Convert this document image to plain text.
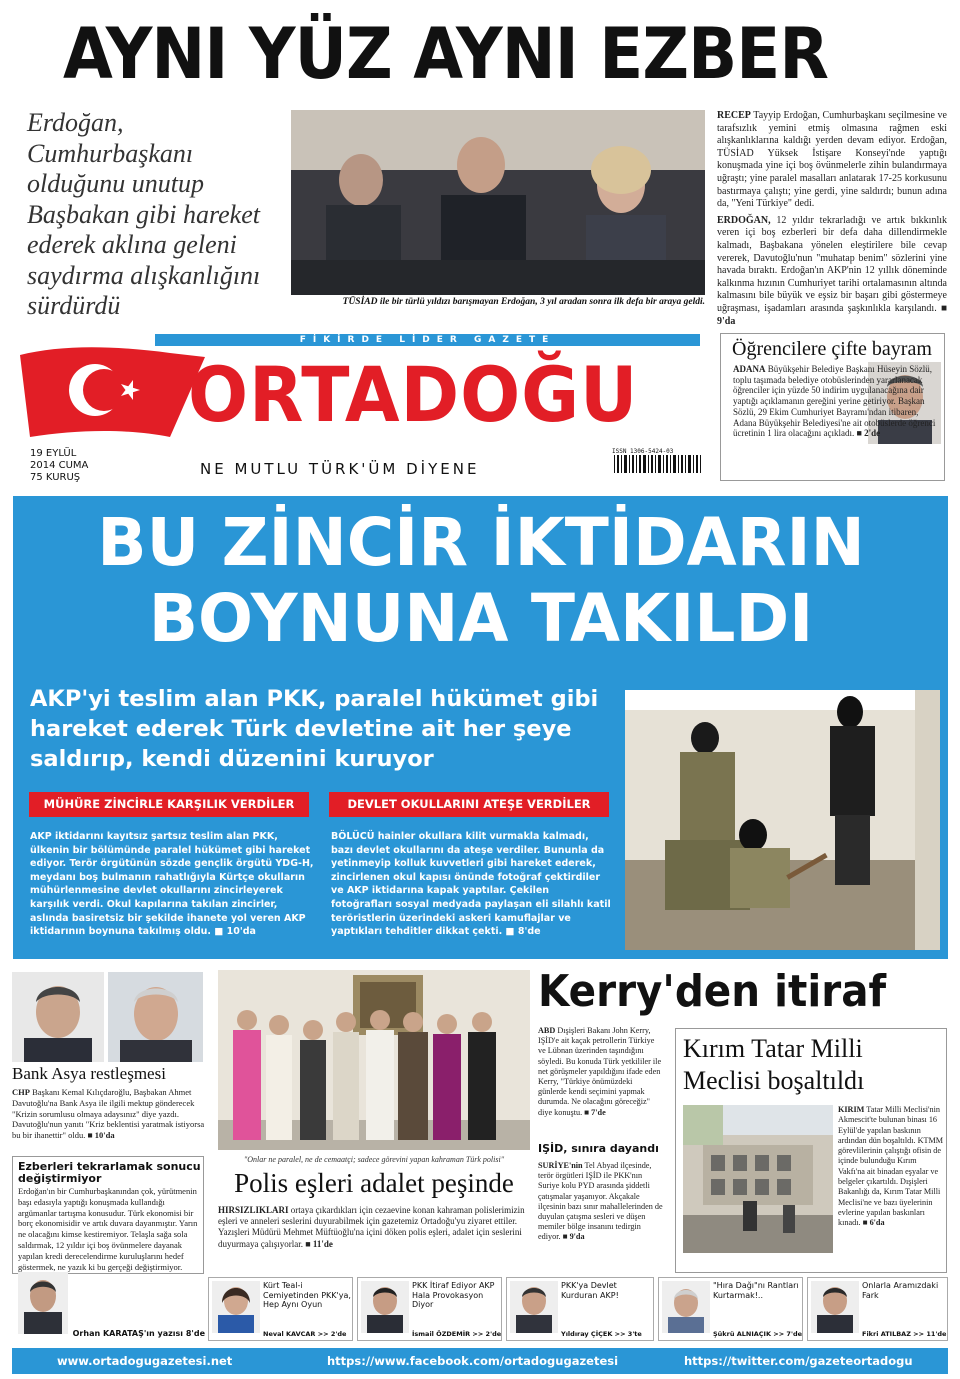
AYNI YÜZ AYNI EZBER
Erdoğan, Cumhurbaşkanı olduğunu unutup Başbakan gibi hareket ederek aklına geleni saydırma alışkanlığını sürdürdü	TÜSİAD ile bir türlü yıldızı barışmayan Erdoğan, 3 yıl aradan sonra ilk defa bir araya geldi.

RECEP Tayyip Erdoğan, Cumhurbaşkanı seçilmesine ve tarafsızlık yemini etmiş olmasına rağmen eski alışkanlıklarına kaldığı yerden devam ediyor. Erdoğan, TÜSİAD Yüksek İstişare Konseyi'nde yaptığı konuşmada yine içi boş övünmelerle zihin bulandırmaya uğraştı; yine paralel masalları anlatarak 17-25 korkusunu bastırmaya çalıştı; yine gerdi, yine saldırdı; bunun adına da, "Yeni Türkiye" dedi.

ERDOĞAN, 12 yıldır tekrarladığı ve artık bıkkınlık veren içi boş ezberleri bir defa daha dillendirmekle kalmadı, Başbakana yönelen eleştirilere bile cevap vererek, Davutoğlu'nun "muhatap benim" sözlerini yine havada bıraktı. Erdoğan'ın AKP'nin 12 yıllık döneminde kalkınma hızının Cumhuriyet tarihi ortalamasının altında kalmasını bile büyük ve eşsiz bir başarı gibi göstermeye uğraşması, işadamları arasında şaşkınlıkla karşılandı. ■ 9'da

FİKİRDE LİDER GAZETE
ORTADOĞU
NE MUTLU TÜRK'ÜM DİYENE
19 EYLÜL
2014 CUMA
75 KURUŞ
ISSN 1306-5424-03
Öğrencilere çifte bayram
ADANA Büyükşehir Belediye Başkanı Hüseyin Sözlü, toplu taşımada belediye otobüslerinden yararlanacak öğrenciler için yüzde 50 indirim uygulanacağına dair yaptığı açıklamanın gereğini yerine getiriyor. Başkan Sözlü, 29 Ekim Cumhuriyet Bayramı'ndan itibaren, Adana Büyükşehir Belediyesi'ne ait otobüslerde öğrenci ücretinin 1 lira olacağını açıkladı. ■ 2'de
BU ZİNCİR İKTİDARIN
BOYNUNA TAKILDI
AKP'yi teslim alan PKK, paralel hükümet gibi hareket ederek Türk devletine ait her şeye saldırıp, kendi düzenini kuruyor
MÜHÜRE ZİNCİRLE KARŞILIK VERDİLER	DEVLET OKULLARINI ATEŞE VERDİLER
AKP iktidarını kayıtsız şartsız teslim alan PKK, ülkenin bir bölümünde paralel hükümet gibi hareket ediyor. Terör örgütünün sözde gençlik örgütü YDG-H, meydanı boş bulmanın rahatlığıyla Kürtçe okulların mühürlenmesine devlet okullarını zincirleyerek karşılık verdi. Okul kapılarına takılan zincirler, aslında basiretsiz bir şekilde ihanete yol veren AKP iktidarının boynuna takılmış oldu. ■ 10'da
BÖLÜCÜ hainler okullara kilit vurmakla kalmadı, bazı devlet okullarını da ateşe verdiler. Bununla da yetinmeyip kolluk kuvvetleri gibi hareket ederek, zincirlenen okul kapısı önünde fotoğraf çektirdiler ve AKP iktidarına kapak yaptılar. Çekilen fotoğrafları sosyal medyada paylaşan eli silahlı katil teröristlerin üzerindeki askeri kamuflajlar ve yaptıkları tehditler dikkat çekti. ■ 8'de
Bank Asya restleşmesi
CHP Başkanı Kemal Kılıçdaroğlu, Başbakan Ahmet Davutoğlu'na Bank Asya ile ilgili mektup gönderecek "Krizin sorumlusu olmaya adaysınız" diye yazdı. Davutoğlu'nun yanıtı "Kriz beklentisi yaratmak istiyorsa bu bir ihanettir" oldu. ■ 10'da
Ezberleri tekrarlamak sonucu değiştirmiyor
Erdoğan'ın bir Cumhurbaşkanından çok, yürütmenin başı edasıyla yaptığı konuşmada kullandığı argümanlar tartışma konusudur. Türk ekonomisi bir borç ekonomisidir ve artık duvara dayanmıştır. Yarın ne olacağını kimse kestiremiyor. Telaşla sağa sola saldırmak, 12 yıldır içi boş övünmelere dayanak yapılan kredi derecelendirme kuruluşlarını hedef göstermek, ne yazık ki bu gerçeği değiştirmiyor.
Orhan KARATAŞ'ın yazısı 8'de
"Onlar ne paralel, ne de cemaatçi; sadece görevini yapan kahraman Türk polisi"
Polis eşleri adalet peşinde
HIRSIZLIKLARI ortaya çıkardıkları için cezaevine konan kahraman polislerimizin eşleri ve anneleri seslerini duyurabilmek için gazetemiz Ortadoğu'yu ziyaret ettiler. Yazışleri Müdürü Mehmet Müftüoğlu'na içini döken polis eşleri, adalet için seslerini duyurmaya çalışıyorlar. ■ 11'de
Kerry'den itiraf
ABD Dışişleri Bakanı John Kerry, IŞİD'e ait kaçak petrollerin Türkiye ve Lübnan üzerinden taşındığını söyledi. Bu konuda Türk yetkililer ile net görüşmeler yapıldığını ifade eden Kerry, "Türkiye önümüzdeki günlerde kendi seçimini yapmak durumda. Ne olacağını göreceğiz" diye konuştu. ■ 7'de
IŞİD, sınıra dayandı
SURİYE'nin Tel Abyad ilçesinde, terör örgütleri IŞİD ile PKK'nın Suriye kolu PYD arasında şiddetli çatışmalar yaşanıyor. Akçakale ilçesinin bazı sınır mahallelerinden de duyulan çatışma sesleri ve düşen memiler bölge insanını tedirgin ediyor. ■ 9'da
Kırım Tatar Milli Meclisi boşaltıldı
KIRIM Tatar Milli Meclisi'nin Akmescit'te bulunan binası 16 Eylül'de yapılan baskının ardından dün boşaltıldı. KTMM görevlilerinin çalıştığı ofisin de içinde bulunduğu Kırım Vakfı'na ait binadan eşyalar ve belgeler çıkartıldı. Dışişleri Bakanlığı da, Kırım Tatar Milli Meclisi'ne ve bazı üyelerinin evlerine yapılan baskınları kınadı. ■ 6'da
Kürt Teal-i Cemiyetinden PKK'ya, Hep Aynı Oyun
Neval KAVCAR >> 2'de
PKK İtiraf Ediyor AKP Hala Provokasyon Diyor
İsmail ÖZDEMİR >> 2'de
PKK'ya Devlet Kurduran AKP!
Yıldıray ÇİÇEK >> 3'te
"Hıra Dağı"nı Rantları Kurtarmak!..
Şükrü ALNIAÇIK >> 7'de
Onlarla Aramızdaki Fark
Fikri ATILBAZ >> 11'de
www.ortadogugazetesi.net	https://www.facebook.com/ortadogugazetesi	https://twitter.com/gazeteortadogu
